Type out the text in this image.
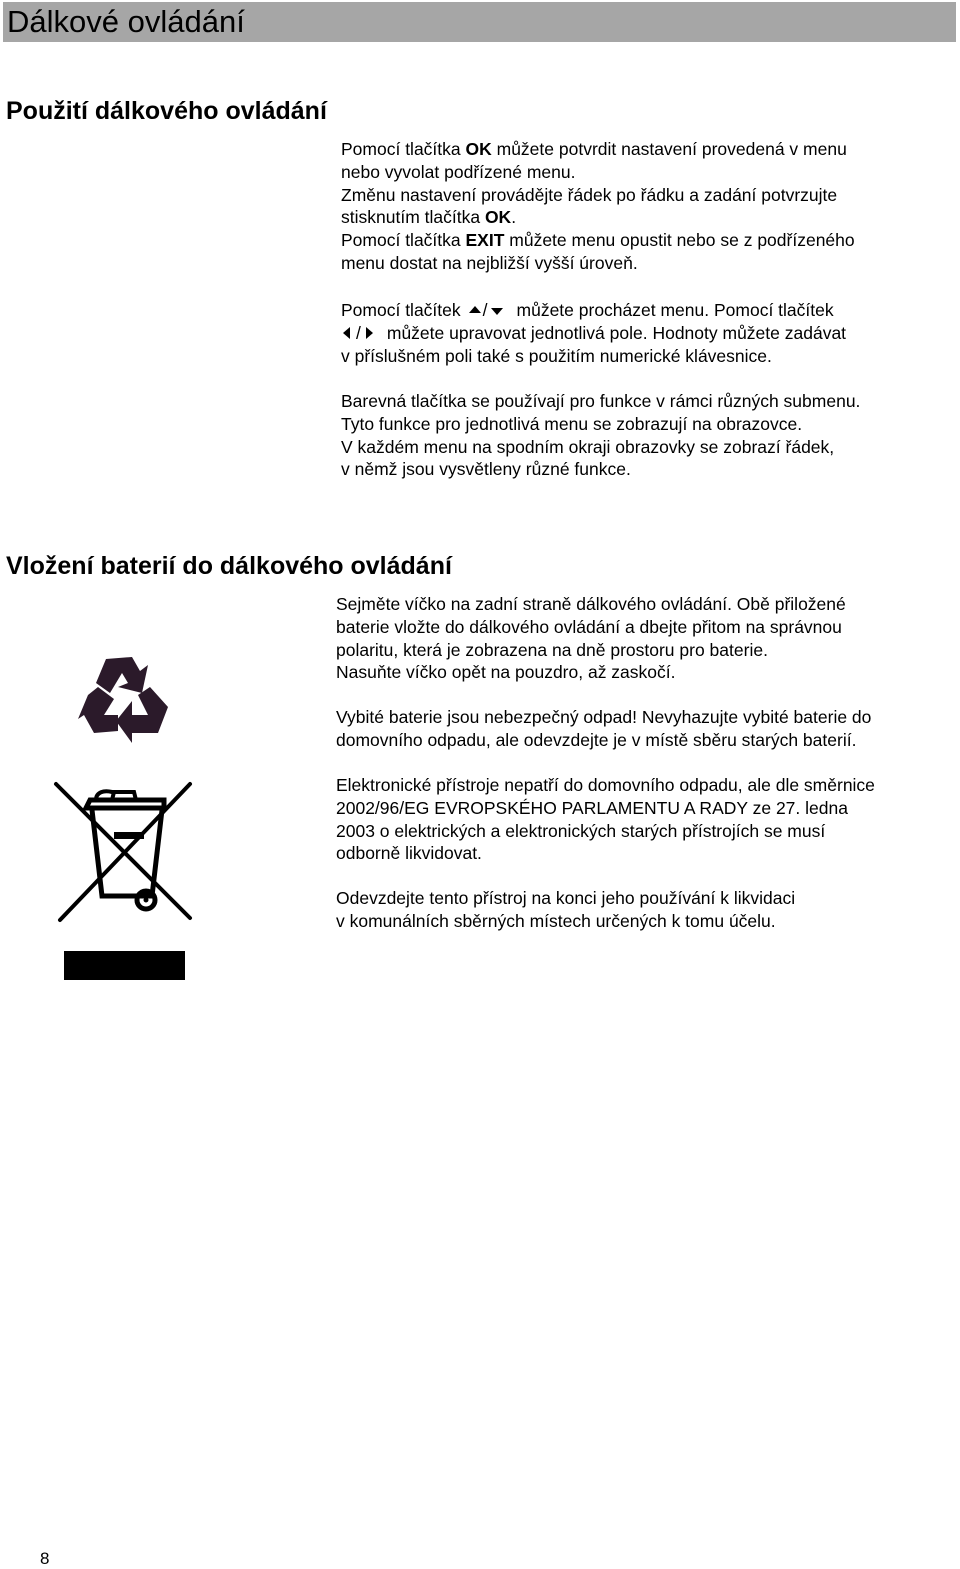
Dálkové ovládání
Použití dálkového ovládání

Pomocí tlačítka OK můžete potvrdit nastavení provedená v menu

nebo vyvolat podřízené menu.

Změnu nastavení provádějte řádek po řádku a zadání potvrzujte

stisknutím tlačítka OK.

Pomocí tlačítka EXIT můžete menu opustit nebo se z podřízeného

menu dostat na nejbližší vyšší úroveň.

Pomocí tlačítek / můžete procházet menu. Pomocí tlačítek

/ můžete upravovat jednotlivá pole. Hodnoty můžete zadávat

v příslušném poli také s použitím numerické klávesnice.

Barevná tlačítka se používají pro funkce v rámci různých submenu.

Tyto funkce pro jednotlivá menu se zobrazují na obrazovce.

V každém menu na spodním okraji obrazovky se zobrazí řádek,

v němž jsou vysvětleny různé funkce.

Vložení baterií do dálkového ovládání

Sejměte víčko na zadní straně dálkového ovládání. Obě přiložené

baterie vložte do dálkového ovládání a dbejte přitom na správnou

polaritu, která je zobrazena na dně prostoru pro baterie.

Nasuňte víčko opět na pouzdro, až zaskočí.

Vybité baterie jsou nebezpečný odpad! Nevyhazujte vybité baterie do

domovního odpadu, ale odevzdejte je v místě sběru starých baterií.

Elektronické přístroje nepatří do domovního odpadu, ale dle směrnice

2002/96/EG EVROPSKÉHO PARLAMENTU A RADY ze 27. ledna

2003 o elektrických a elektronických starých přístrojích se musí

odborně likvidovat.

Odevzdejte tento přístroj na konci jeho používání k likvidaci

v komunálních sběrných místech určených k tomu účelu.

8
